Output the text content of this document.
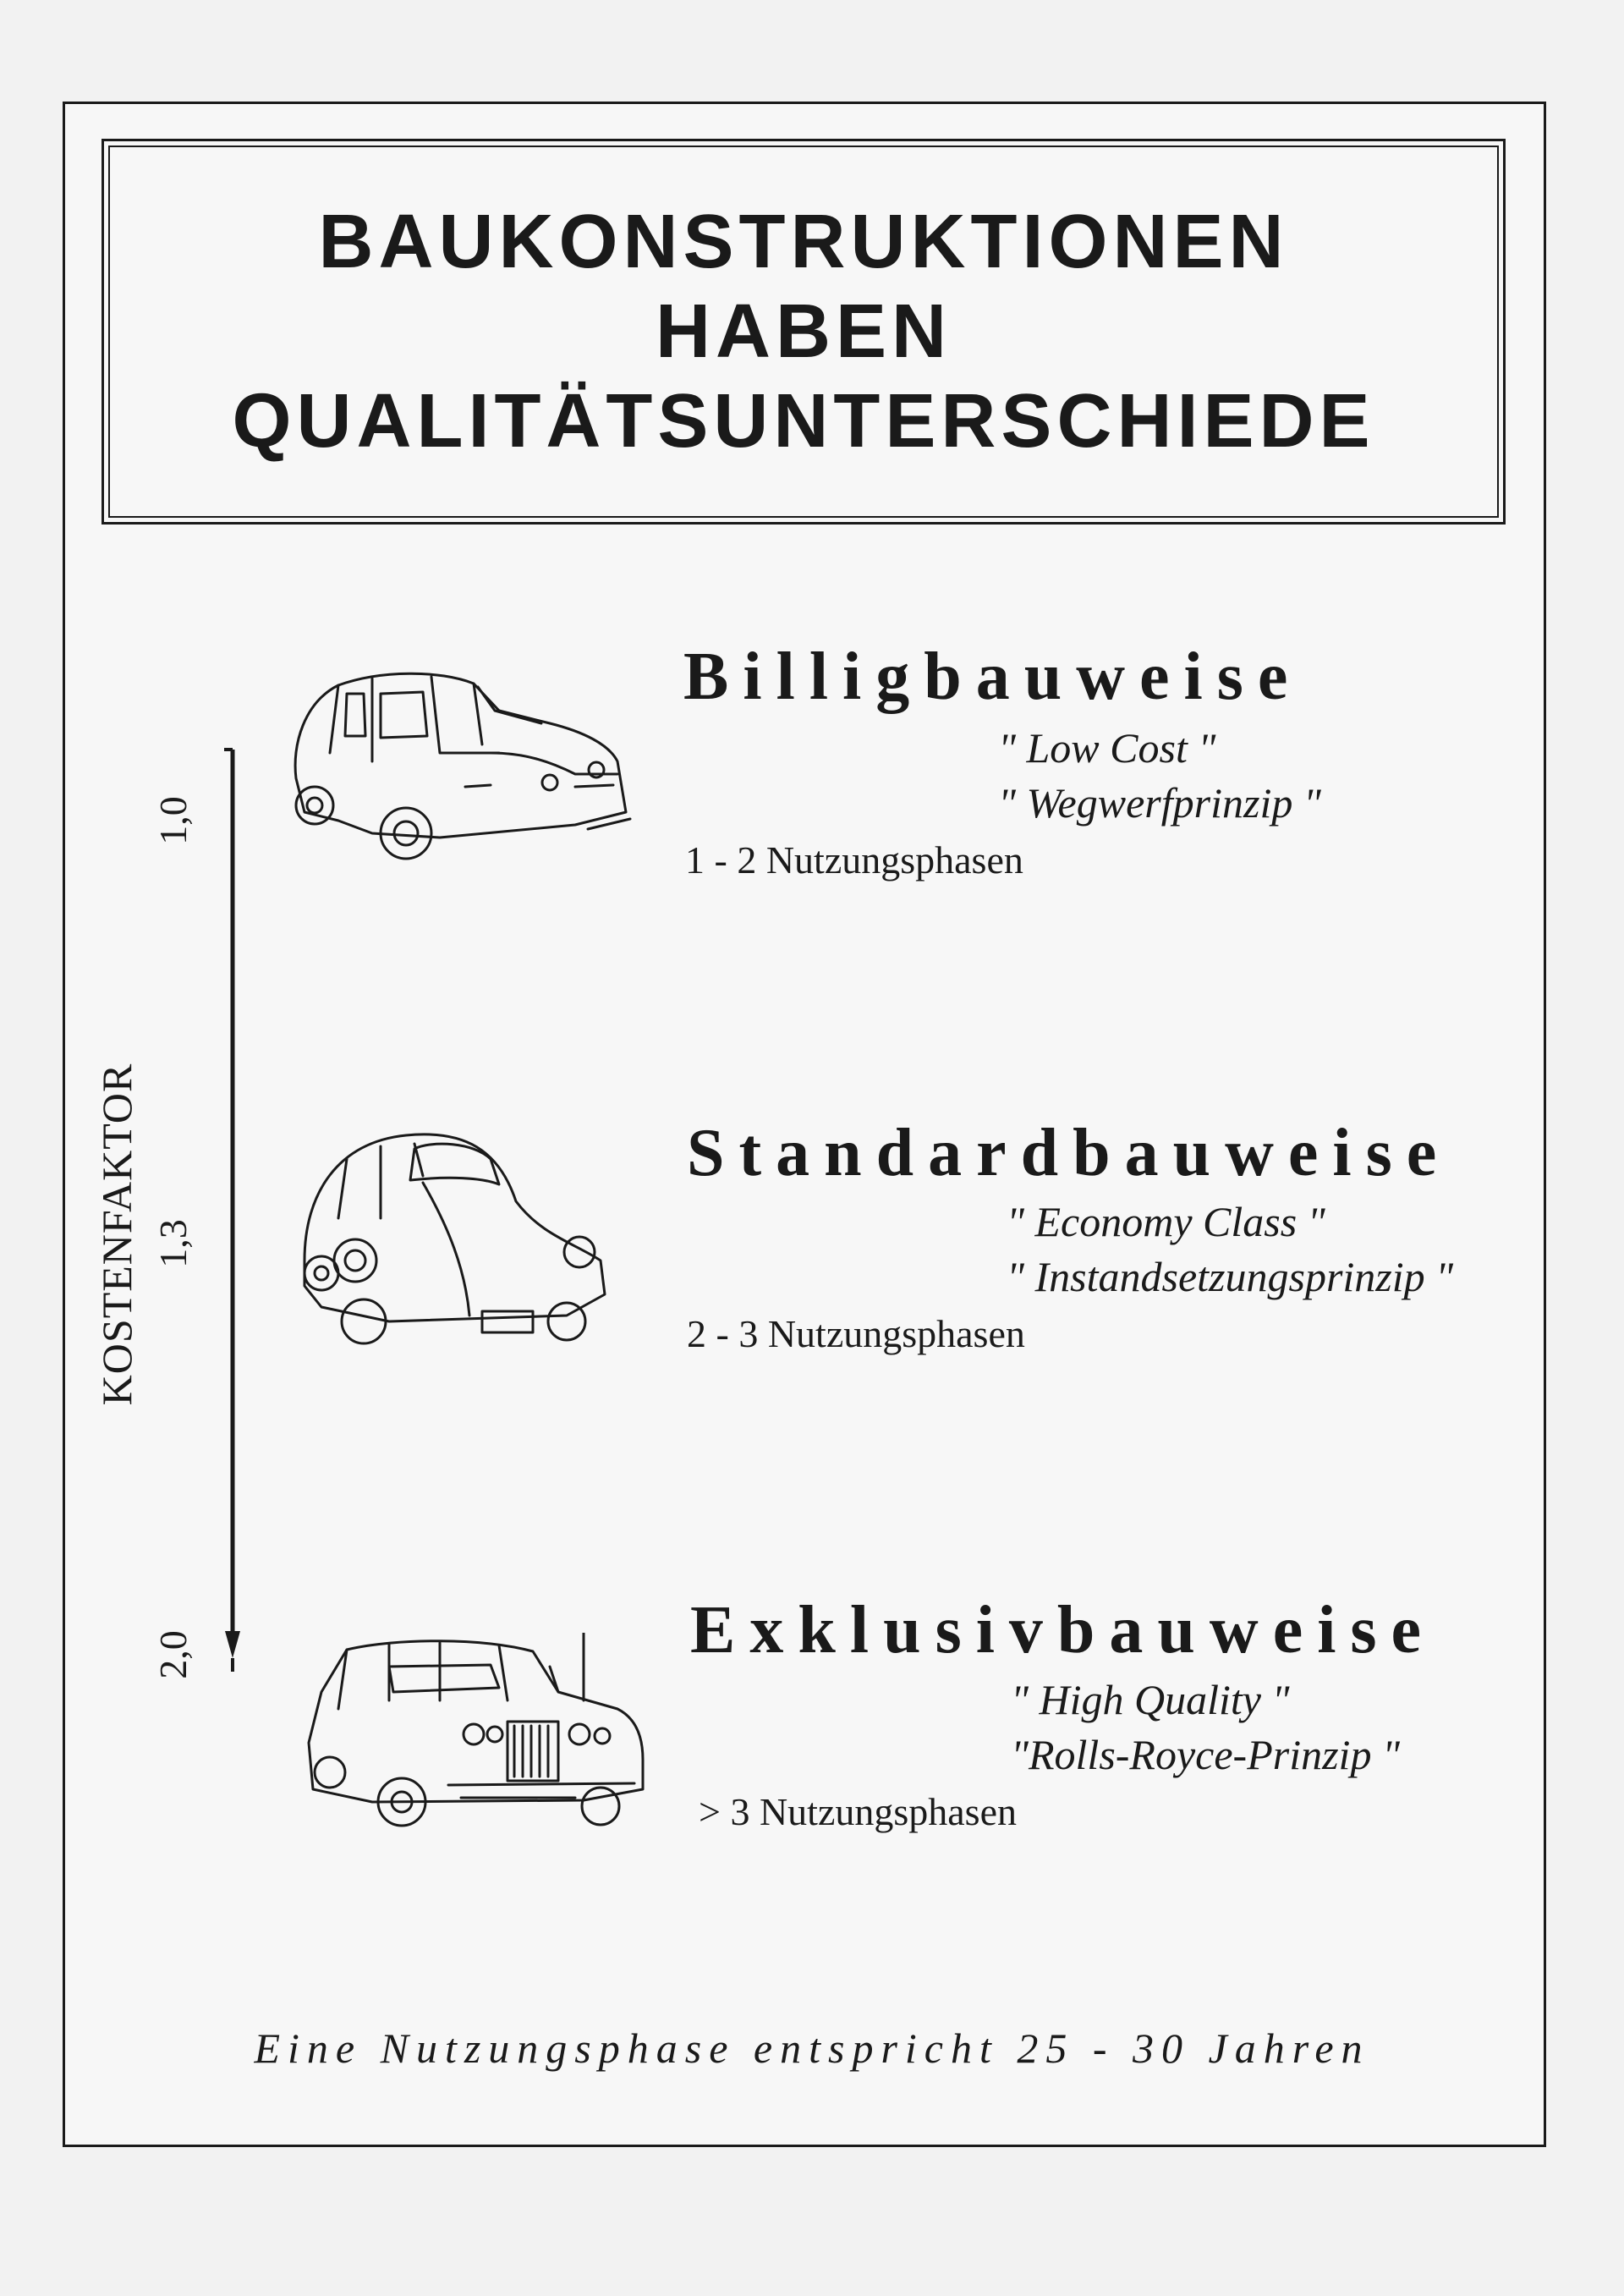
BAUKONSTRUKTIONEN
HABEN
QUALITÄTSUNTERSCHIEDE
KOSTENFAKTOR
1,0
1,3
2,0
Billigbauweise
" Low Cost "
" Wegwerfprinzip "
1 - 2 Nutzungsphasen
Standardbauweise
" Economy Class "
" Instandsetzungsprinzip "
2 - 3 Nutzungsphasen
Exklusivbauweise
" High Quality "
"Rolls-Royce-Prinzip "
> 3 Nutzungsphasen
Eine Nutzungsphase entspricht 25 - 30 Jahren
